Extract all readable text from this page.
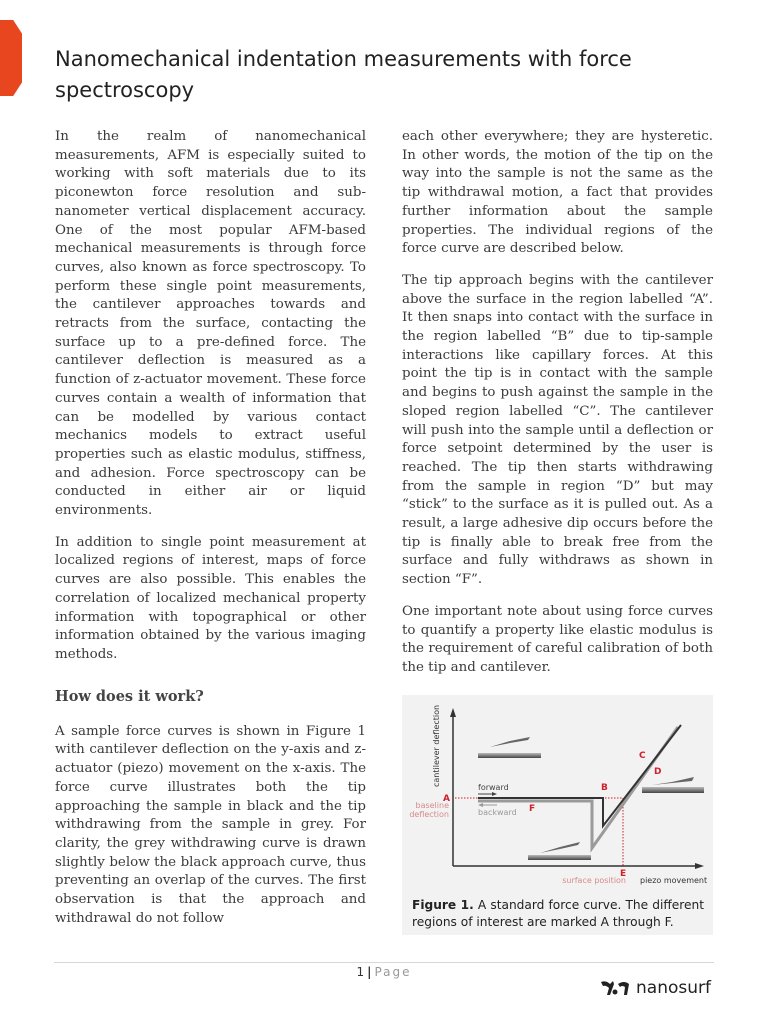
Nanomechanical indentation measurements with force spectroscopy

In the realm of nanomechanical measurements, AFM is especially suited to working with soft materials due to its piconewton force resolution and sub-nanometer vertical displacement accuracy. One of the most popular AFM-based mechanical measurements is through force curves, also known as force spectroscopy. To perform these single point measurements, the cantilever approaches towards and retracts from the surface, contacting the surface up to a pre-defined force. The cantilever deflection is measured as a function of z-actuator movement. These force curves contain a wealth of information that can be modelled by various contact mechanics models to extract useful properties such as elastic modulus, stiffness, and adhesion. Force spectroscopy can be conducted in either air or liquid environments.

In addition to single point measurement at localized regions of interest, maps of force curves are also possible. This enables the correlation of localized mechanical property information with topographical or other information obtained by the various imaging methods.

How does it work?

A sample force curves is shown in Figure 1 with cantilever deflection on the y-axis and z-actuator (piezo) movement on the x-axis. The force curve illustrates both the tip approaching the sample in black and the tip withdrawing from the sample in grey. For clarity, the grey withdrawing curve is drawn slightly below the black approach curve, thus preventing an overlap of the curves. The first observation is that the approach and withdrawal do not follow

each other everywhere; they are hysteretic. In other words, the motion of the tip on the way into the sample is not the same as the tip withdrawal motion, a fact that provides further information about the sample properties. The individual regions of the force curve are described below.

The tip approach begins with the cantilever above the surface in the region labelled “A”. It then snaps into contact with the surface in the region labelled “B” due to tip-sample interactions like capillary forces. At this point the tip is in contact with the sample and begins to push against the sample in the sloped region labelled “C”. The cantilever will push into the sample until a deflection or force setpoint determined by the user is reached. The tip then starts withdrawing from the sample in region “D” but may “stick” to the surface as it is pulled out. As a result, a large adhesive dip occurs before the tip is finally able to break free from the surface and fully withdraws as shown in section “F”.

One important note about using force curves to quantify a property like elastic modulus is the requirement of careful calibration of both the tip and cantilever.

forward
backward
cantilever deflection
baseline
deflection
A
B
C
D
E
F
surface position piezo movement
Figure 1. A standard force curve. The different regions of interest are marked A through F.
1 | Page
nanosurf
